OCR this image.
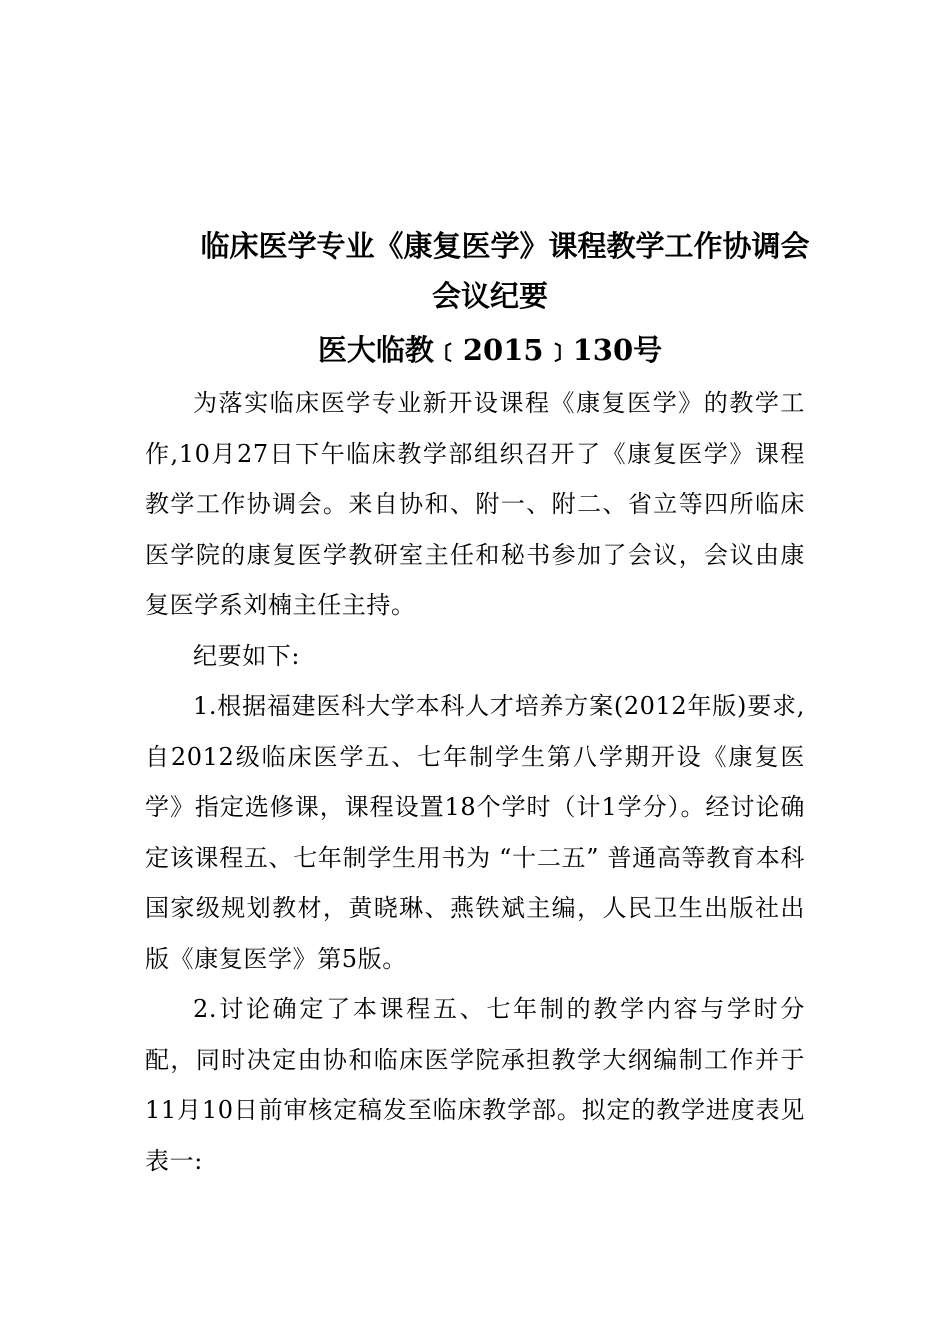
临床医学专业《康复医学》课程教学工作协调会
会议纪要
医大临教﹝2015﹞130号

为落实临床医学专业新开设课程《康复医学》的教学工作,10月27日下午临床教学部组织召开了《康复医学》课程教学工作协调会。来自协和、附一、附二、省立等四所临床医学院的康复医学教研室主任和秘书参加了会议，会议由康复医学系刘楠主任主持。

纪要如下:

1.根据福建医科大学本科人才培养方案(2012年版)要求,自2012级临床医学五、七年制学生第八学期开设《康复医学》指定选修课，课程设置18个学时（计1学分）。经讨论确定该课程五、七年制学生用书为 “十二五” 普通高等教育本科国家级规划教材，黄晓琳、燕铁斌主编，人民卫生出版社出版《康复医学》第5版。

2.讨论确定了本课程五、七年制的教学内容与学时分配，同时决定由协和临床医学院承担教学大纲编制工作并于11月10日前审核定稿发至临床教学部。拟定的教学进度表见表一:
